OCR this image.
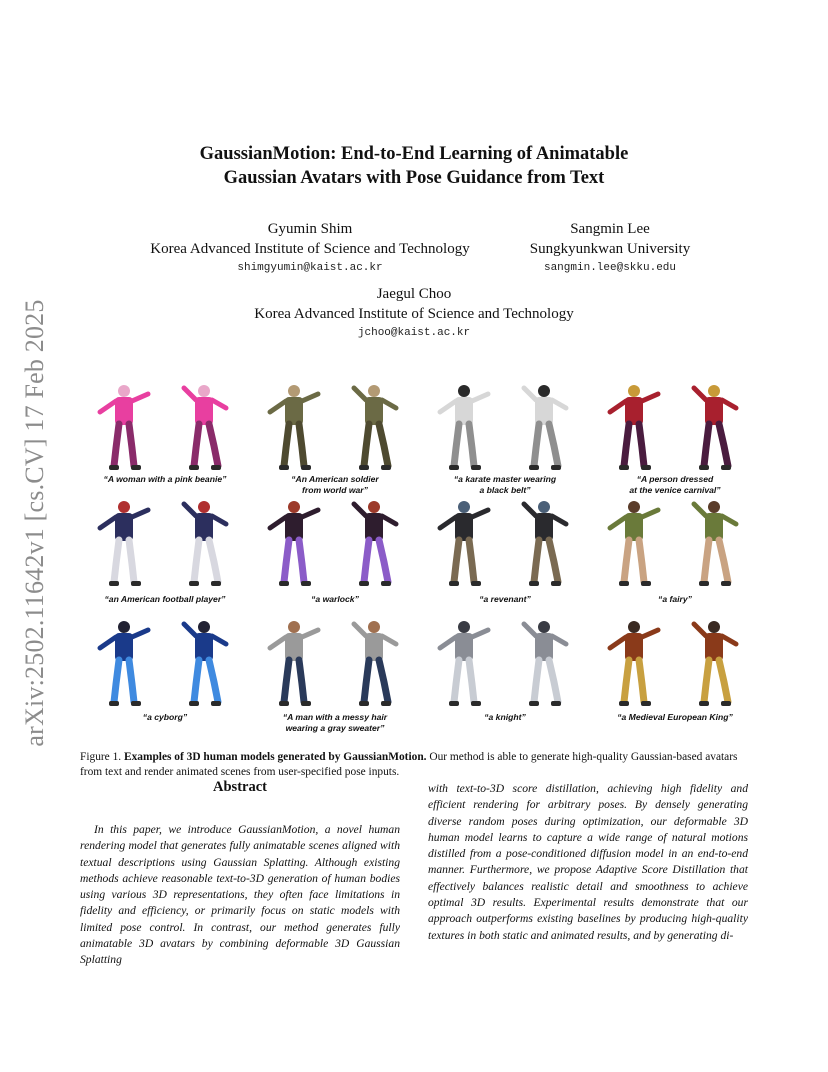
arXiv:2502.11642v1 [cs.CV] 17 Feb 2025
GaussianMotion: End-to-End Learning of Animatable
Gaussian Avatars with Pose Guidance from Text
Gyumin Shim
Korea Advanced Institute of Science and Technology
shimgyumin@kaist.ac.kr
Sangmin Lee
Sungkyunkwan University
sangmin.lee@skku.edu
Jaegul Choo
Korea Advanced Institute of Science and Technology
jchoo@kaist.ac.kr
“A woman with a pink beanie”	“An American soldier
from world war”
“a karate master wearing
a black belt”
“A person dressed
at the venice carnival”
“an American football player”	“a warlock”	“a revenant”	“a fairy”
“a cyborg”	“A man with a messy hair
wearing a gray sweater”
“a knight”	“a Medieval European King”
Figure 1. Examples of 3D human models generated by GaussianMotion. Our method is able to generate high-quality Gaussian-based avatars from text and render animated scenes from user-specified pose inputs.
Abstract

In this paper, we introduce GaussianMotion, a novel human rendering model that generates fully animatable scenes aligned with textual descriptions using Gaussian Splatting. Although existing methods achieve reasonable text-to-3D generation of human bodies using various 3D representations, they often face limitations in fidelity and efficiency, or primarily focus on static models with limited pose control. In contrast, our method generates fully animatable 3D avatars by combining deformable 3D Gaussian Splatting

with text-to-3D score distillation, achieving high fidelity and efficient rendering for arbitrary poses. By densely generating diverse random poses during optimization, our deformable 3D human model learns to capture a wide range of natural motions distilled from a pose-conditioned diffusion model in an end-to-end manner. Furthermore, we propose Adaptive Score Distillation that effectively balances realistic detail and smoothness to achieve optimal 3D results. Experimental results demonstrate that our approach outperforms existing baselines by producing high-quality textures in both static and animated results, and by generating di-
